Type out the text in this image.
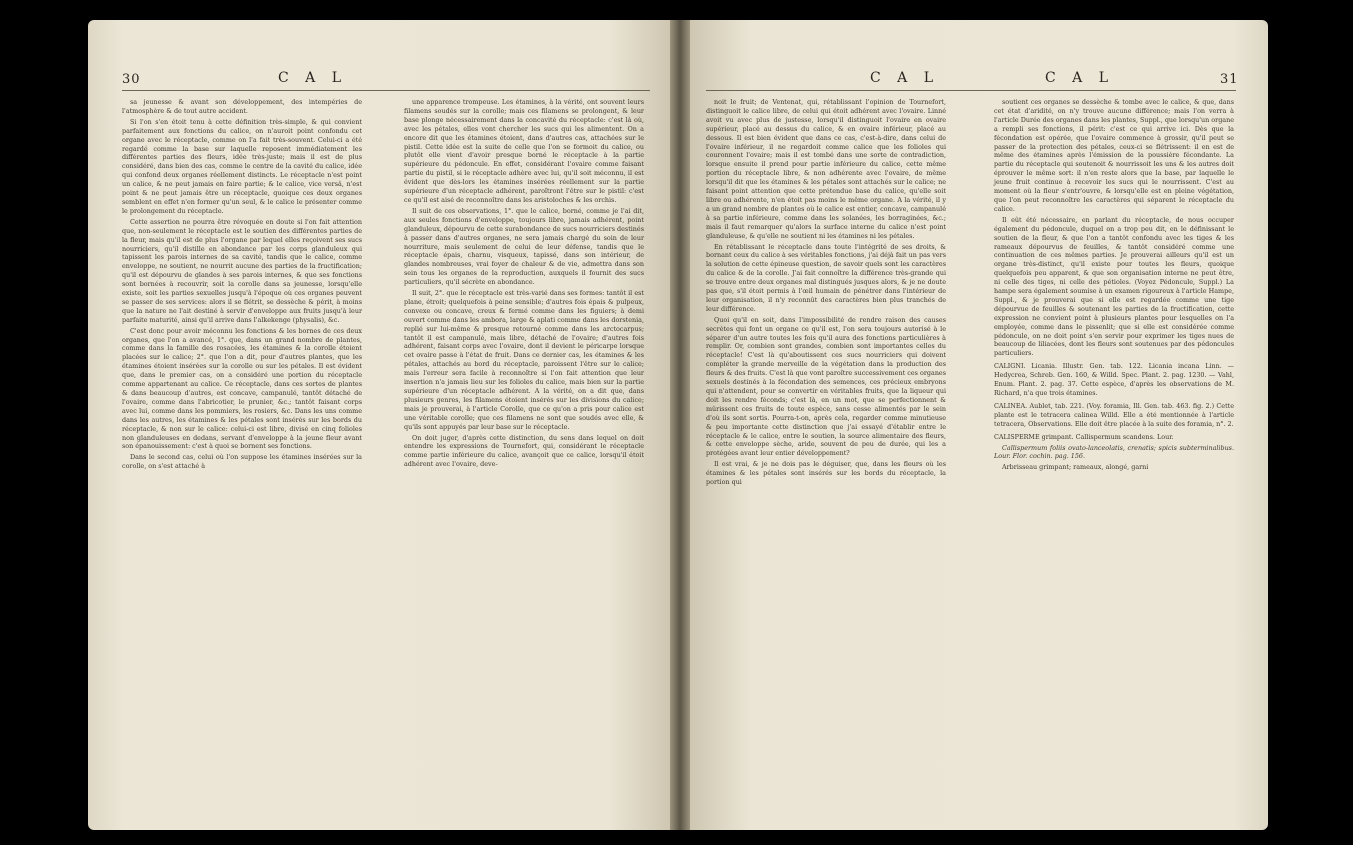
30	C A L

sa jeunesse & avant son développement, des intempéries de l'atmosphère & de tout autre accident.

Si l'on s'en étoit tenu à cette définition très-simple, & qui convient parfaitement aux fonctions du calice, on n'auroit point confondu cet organe avec le réceptacle, comme on l'a fait très-souvent. Celui-ci a été regardé comme la base sur laquelle reposent immédiatement les différentes parties des fleurs, idée très-juste; mais il est de plus considéré, dans bien des cas, comme le centre de la cavité du calice, idée qui confond deux organes réellement distincts. Le réceptacle n'est point un calice, & ne peut jamais en faire partie; & le calice, vice versâ, n'est point & ne peut jamais être un réceptacle, quoique ces deux organes semblent en effet n'en former qu'un seul, & le calice le présenter comme le prolongement du réceptacle.

Cette assertion ne pourra être révoquée en doute si l'on fait attention que, non-seulement le réceptacle est le soutien des différentes parties de la fleur, mais qu'il est de plus l'organe par lequel elles reçoivent ses sucs nourriciers, qu'il distille en abondance par les corps glanduleux qui tapissent les parois internes de sa cavité, tandis que le calice, comme enveloppe, ne soutient, ne nourrit aucune des parties de la fructification; qu'il est dépourvu de glandes à ses parois internes, & que ses fonctions sont bornées à recouvrir, soit la corolle dans sa jeunesse, lorsqu'elle existe, soit les parties sexuelles jusqu'à l'époque où ces organes peuvent se passer de ses services: alors il se flétrit, se dessèche & périt, à moins que la nature ne l'ait destiné à servir d'enveloppe aux fruits jusqu'à leur parfaite maturité, ainsi qu'il arrive dans l'alkekenge (physalis), &c.

C'est donc pour avoir méconnu les fonctions & les bornes de ces deux organes, que l'on a avancé, 1°. que, dans un grand nombre de plantes, comme dans la famille des rosacées, les étamines & la corolle étoient placées sur le calice; 2°. que l'on a dit, pour d'autres plantes, que les étamines étoient insérées sur la corolle ou sur les pétales. Il est évident que, dans le premier cas, on a considéré une portion du réceptacle comme appartenant au calice. Ce réceptacle, dans ces sortes de plantes & dans beaucoup d'autres, est concave, campanulé, tantôt détaché de l'ovaire, comme dans l'abricotier, le prunier, &c.; tantôt faisant corps avec lui, comme dans les pommiers, les rosiers, &c. Dans les uns comme dans les autres, les étamines & les pétales sont insérés sur les bords du réceptacle, & non sur le calice: celui-ci est libre, divisé en cinq folioles non glanduleuses en dedans, servant d'enveloppe à la jeune fleur avant son épanouissement: c'est à quoi se bornent ses fonctions.

Dans le second cas, celui où l'on suppose les étamines insérées sur la corolle, on s'est attaché à

une apparence trompeuse. Les étamines, à la vérité, ont souvent leurs filamens soudés sur la corolle; mais ces filamens se prolongent, & leur base plonge nécessairement dans la concavité du réceptacle: c'est là où, avec les pétales, elles vont chercher les sucs qui les alimentent. On a encore dit que les étamines étoient, dans d'autres cas, attachées sur le pistil. Cette idée est la suite de celle que l'on se formoit du calice, ou plutôt elle vient d'avoir presque borné le réceptacle à la partie supérieure du pédoncule. En effet, considérant l'ovaire comme faisant partie du pistil, si le réceptacle adhère avec lui, qu'il soit méconnu, il est évident que dès-lors les étamines insérées réellement sur la partie supérieure d'un réceptacle adhérent, paroîtront l'être sur le pistil: c'est ce qu'il est aisé de reconnoître dans les aristoloches & les orchis.

Il suit de ces observations, 1°. que le calice, borné, comme je l'ai dit, aux seules fonctions d'enveloppe, toujours libre, jamais adhérent, point glanduleux, dépourvu de cette surabondance de sucs nourriciers destinés à passer dans d'autres organes, ne sera jamais chargé du soin de leur nourriture, mais seulement de celui de leur défense, tandis que le réceptacle épais, charnu, visqueux, tapissé, dans son intérieur, de glandes nombreuses, vrai foyer de chaleur & de vie, admettra dans son sein tous les organes de la reproduction, auxquels il fournit des sucs particuliers, qu'il sécrète en abondance.

Il suit, 2°. que le réceptacle est très-varié dans ses formes: tantôt il est plane, étroit; quelquefois à peine sensible; d'autres fois épais & pulpeux, convexe ou concave, creux & fermé comme dans les figuiers; à demi ouvert comme dans les ambora, large & aplati comme dans les dorstenia, replié sur lui-même & presque retourné comme dans les arctocarpus; tantôt il est campanulé, mais libre, détaché de l'ovaire; d'autres fois adhérent, faisant corps avec l'ovaire, dont il devient le péricarpe lorsque cet ovaire passe à l'état de fruit. Dans ce dernier cas, les étamines & les pétales, attachés au bord du réceptacle, paroissent l'être sur le calice; mais l'erreur sera facile à reconnoître si l'on fait attention que leur insertion n'a jamais lieu sur les folioles du calice, mais bien sur la partie supérieure d'un réceptacle adhérent. A la vérité, on a dit que, dans plusieurs genres, les filamens étoient insérés sur les divisions du calice; mais je prouverai, à l'article Corolle, que ce qu'on a pris pour calice est une véritable corolle; que ces filamens ne sont que soudés avec elle, & qu'ils sont appuyés par leur base sur le réceptacle.

On doit juger, d'après cette distinction, du sens dans lequel on doit entendre les expressions de Tournefort, qui, considérant le réceptacle comme partie inférieure du calice, avançoit que ce calice, lorsqu'il étoit adhérent avec l'ovaire, deve-

C A L	C A L	31

noit le fruit; de Ventenat, qui, rétablissant l'opinion de Tournefort, distinguoit le calice libre, de celui qui étoit adhérent avec l'ovaire. Linné avoit vu avec plus de justesse, lorsqu'il distinguoit l'ovaire en ovaire supérieur, placé au dessus du calice, & en ovaire inférieur, placé au dessous. Il est bien évident que dans ce cas, c'est-à-dire, dans celui de l'ovaire inférieur, il ne regardoit comme calice que les folioles qui couronnent l'ovaire; mais il est tombé dans une sorte de contradiction, lorsque ensuite il prend pour partie inférieure du calice, cette même portion du réceptacle libre, & non adhérente avec l'ovaire, de même lorsqu'il dit que les étamines & les pétales sont attachés sur le calice; ne faisant point attention que cette prétendue base du calice, qu'elle soit libre ou adhérente, n'en étoit pas moins le même organe. A la vérité, il y a un grand nombre de plantes où le calice est entier, concave, campanulé à sa partie inférieure, comme dans les solanées, les borraginées, &c.; mais il faut remarquer qu'alors la surface interne du calice n'est point glanduleuse, & qu'elle ne soutient ni les étamines ni les pétales.

En rétablissant le réceptacle dans toute l'intégrité de ses droits, & bornant ceux du calice à ses véritables fonctions, j'ai déjà fait un pas vers la solution de cette épineuse question, de savoir quels sont les caractères du calice & de la corolle. J'ai fait connoître la différence très-grande qui se trouve entre deux organes mal distingués jusques alors, & je ne doute pas que, s'il étoit permis à l'œil humain de pénétrer dans l'intérieur de leur organisation, il n'y reconnût des caractères bien plus tranchés de leur différence.

Quoi qu'il en soit, dans l'impossibilité de rendre raison des causes secrètes qui font un organe ce qu'il est, l'on sera toujours autorisé à le séparer d'un autre toutes les fois qu'il aura des fonctions particulières à remplir. Or, combien sont grandes, combien sont importantes celles du réceptacle! C'est là qu'aboutissent ces sucs nourriciers qui doivent compléter la grande merveille de la végétation dans la production des fleurs & des fruits. C'est là que vont paroître successivement ces organes sexuels destinés à la fécondation des semences, ces précieux embryons qui n'attendent, pour se convertir en véritables fruits, que la liqueur qui doit les rendre féconds; c'est là, en un mot, que se perfectionnent & mûrissent ces fruits de toute espèce, sans cesse alimentés par le sein d'où ils sont sortis. Pourra-t-on, après cela, regarder comme minutieuse & peu importante cette distinction que j'ai essayé d'établir entre le réceptacle & le calice, entre le soutien, la source alimentaire des fleurs, & cette enveloppe sèche, aride, souvent de peu de durée, qui les a protégées avant leur entier développement?

Il est vrai, & je ne dois pas le déguiser, que, dans les fleurs où les étamines & les pétales sont insérés sur les bords du réceptacle, la portion qui

soutient ces organes se dessèche & tombe avec le calice, & que, dans cet état d'aridité, on n'y trouve aucune différence; mais l'on verra à l'article Durée des organes dans les plantes, Suppl., que lorsqu'un organe a rempli ses fonctions, il périt: c'est ce qui arrive ici. Dès que la fécondation est opérée, que l'ovaire commence à grossir, qu'il peut se passer de la protection des pétales, ceux-ci se flétrissent: il en est de même des étamines après l'émission de la poussière fécondante. La partie du réceptacle qui soutenoit & nourrissoit les uns & les autres doit éprouver le même sort: il n'en reste alors que la base, par laquelle le jeune fruit continue à recevoir les sucs qui le nourrissent. C'est au moment où la fleur s'entr'ouvre, & lorsqu'elle est en pleine végétation, que l'on peut reconnoître les caractères qui séparent le réceptacle du calice.

Il eût été nécessaire, en parlant du réceptacle, de nous occuper également du pédoncule, duquel on a trop peu dit, en le définissant le soutien de la fleur, & que l'on a tantôt confondu avec les tiges & les rameaux dépourvus de feuilles, & tantôt considéré comme une continuation de ces mêmes parties. Je prouverai ailleurs qu'il est un organe très-distinct, qu'il existe pour toutes les fleurs, quoique quelquefois peu apparent, & que son organisation interne ne peut être, ni celle des tiges, ni celle des pétioles. (Voyez Pédoncule, Suppl.) La hampe sera également soumise à un examen rigoureux à l'article Hampe, Suppl., & je prouverai que si elle est regardée comme une tige dépourvue de feuilles & soutenant les parties de la fructification, cette expression ne convient point à plusieurs plantes pour lesquelles on l'a employée, comme dans le pissenlit; que si elle est considérée comme pédoncule, on ne doit point s'en servir pour exprimer les tiges nues de beaucoup de liliacées, dont les fleurs sont soutenues par des pédoncules particuliers.

CALIGNI. Licania. Illustr. Gen. tab. 122. Licania incana Linn. — Hedycrea, Schreb. Gen. 160, & Willd. Spec. Plant. 2. pag. 1230. — Vahl, Enum. Plant. 2. pag. 37. Cette espèce, d'après les observations de M. Richard, n'a que trois étamines.

CALINEA. Aublet, tab. 221. (Voy. foramia, Ill. Gen. tab. 463. fig. 2.) Cette plante est le tetracera calinea Willd. Elle a été mentionnée à l'article tetracera, Observations. Elle doit être placée à la suite des foramia, n°. 2.

CALISPERME grimpant. Callispermum scandens. Lour.

Callispermum foliis ovato-lanceolatis, crenatis; spicis subterminalibus. Lour. Flor. cochin. pag. 156.

Arbrisseau grimpant; rameaux, alongé, garni
